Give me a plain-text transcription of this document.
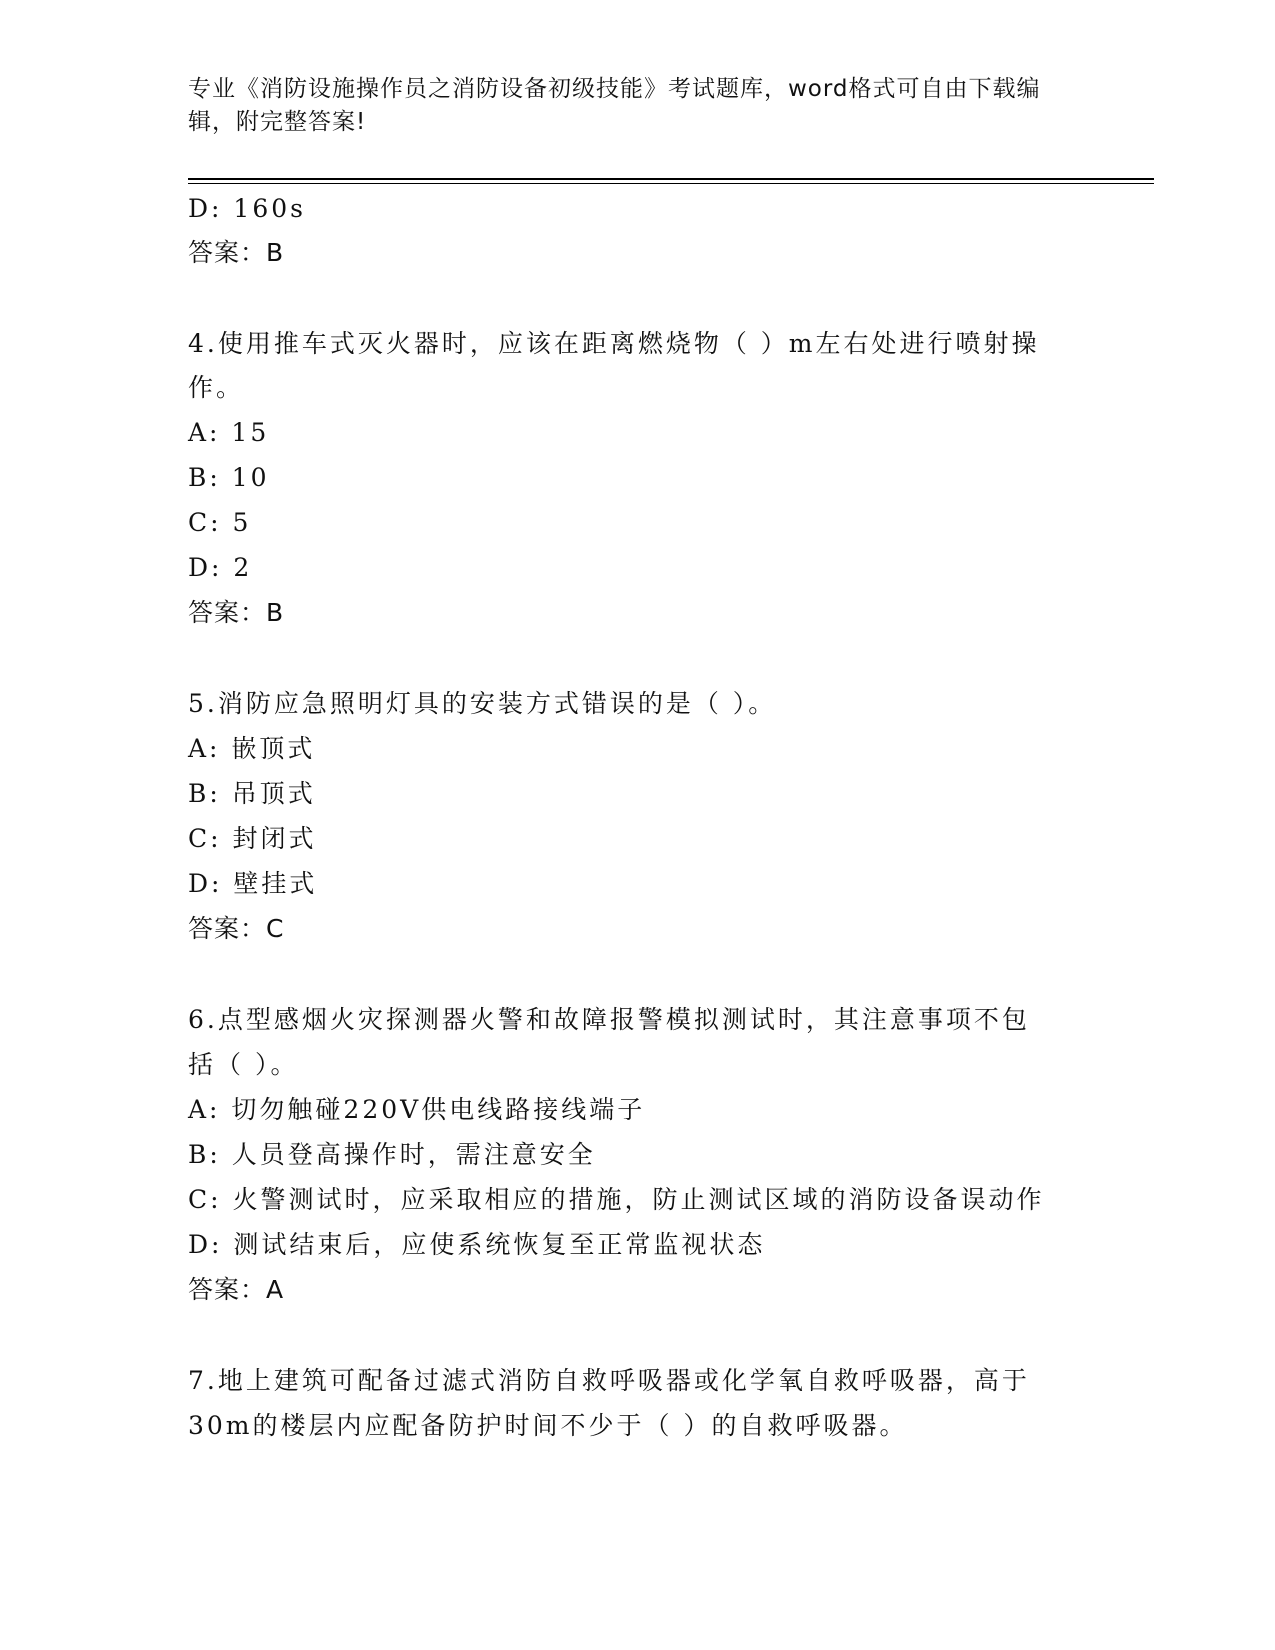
专业《消防设施操作员之消防设备初级技能》考试题库，word格式可自由下载编
辑，附完整答案!
D: 160s
答案：B
4.使用推车式灭火器时，应该在距离燃烧物（ ）m左右处进行喷射操
作。
A: 15
B: 10
C: 5
D: 2
答案：B
5.消防应急照明灯具的安装方式错误的是（ ）。
A: 嵌顶式
B: 吊顶式
C: 封闭式
D: 壁挂式
答案：C
6.点型感烟火灾探测器火警和故障报警模拟测试时，其注意事项不包
括（ ）。
A: 切勿触碰220V供电线路接线端子
B: 人员登高操作时，需注意安全
C: 火警测试时，应采取相应的措施，防止测试区域的消防设备误动作
D: 测试结束后，应使系统恢复至正常监视状态
答案：A
7.地上建筑可配备过滤式消防自救呼吸器或化学氧自救呼吸器，高于
30m的楼层内应配备防护时间不少于（ ）的自救呼吸器。
